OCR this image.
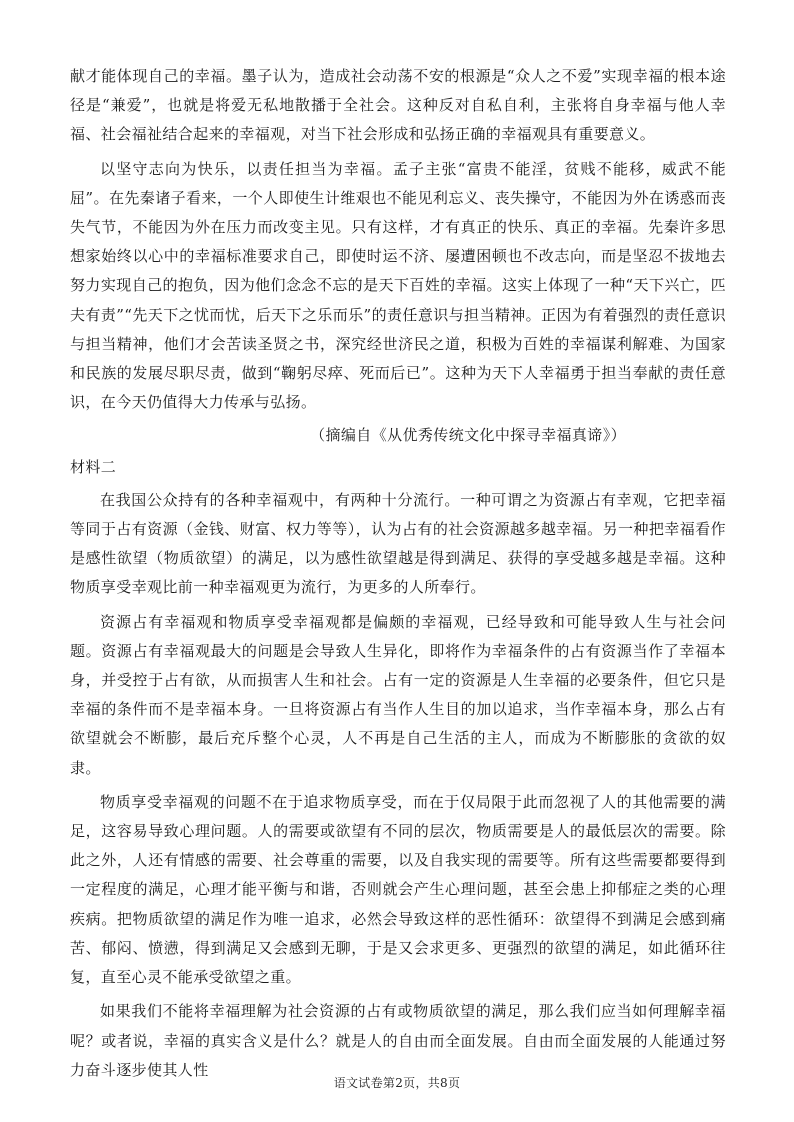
献才能体现自己的幸福。墨子认为，造成社会动荡不安的根源是“众人之不爱”实现幸福的根本途径是“兼爱”，也就是将爱无私地散播于全社会。这种反对自私自利，主张将自身幸福与他人幸福、社会福祉结合起来的幸福观，对当下社会形成和弘扬正确的幸福观具有重要意义。

以坚守志向为快乐，以责任担当为幸福。孟子主张“富贵不能淫，贫贱不能移，威武不能屈”。在先秦诸子看来，一个人即使生计维艰也不能见利忘义、丧失操守，不能因为外在诱惑而丧失气节，不能因为外在压力而改变主见。只有这样，才有真正的快乐、真正的幸福。先秦许多思想家始终以心中的幸福标准要求自己，即使时运不济、屡遭困顿也不改志向，而是坚忍不拔地去努力实现自己的抱负，因为他们念念不忘的是天下百姓的幸福。这实上体现了一种“天下兴亡，匹夫有责”“先天下之忧而忧，后天下之乐而乐”的责任意识与担当精神。正因为有着强烈的责任意识与担当精神，他们才会苦读圣贤之书，深究经世济民之道，积极为百姓的幸福谋利解难、为国家和民族的发展尽职尽责，做到“鞠躬尽瘁、死而后已”。这种为天下人幸福勇于担当奉献的责任意识，在今天仍值得大力传承与弘扬。

（摘编自《从优秀传统文化中探寻幸福真谛》）

材料二

在我国公众持有的各种幸福观中，有两种十分流行。一种可谓之为资源占有幸观，它把幸福等同于占有资源（金钱、财富、权力等等），认为占有的社会资源越多越幸福。另一种把幸福看作是感性欲望（物质欲望）的满足，以为感性欲望越是得到满足、获得的享受越多越是幸福。这种物质享受幸观比前一种幸福观更为流行，为更多的人所奉行。

资源占有幸福观和物质享受幸福观都是偏颇的幸福观，已经导致和可能导致人生与社会问题。资源占有幸福观最大的问题是会导致人生异化，即将作为幸福条件的占有资源当作了幸福本身，并受控于占有欲，从而损害人生和社会。占有一定的资源是人生幸福的必要条件，但它只是幸福的条件而不是幸福本身。一旦将资源占有当作人生目的加以追求，当作幸福本身，那么占有欲望就会不断膨，最后充斥整个心灵，人不再是自己生活的主人，而成为不断膨胀的贪欲的奴隶。

物质享受幸福观的问题不在于追求物质享受，而在于仅局限于此而忽视了人的其他需要的满足，这容易导致心理问题。人的需要或欲望有不同的层次，物质需要是人的最低层次的需要。除此之外，人还有情感的需要、社会尊重的需要，以及自我实现的需要等。所有这些需要都要得到一定程度的满足，心理才能平衡与和谐，否则就会产生心理问题，甚至会患上抑郁症之类的心理疾病。把物质欲望的满足作为唯一追求，必然会导致这样的恶性循环：欲望得不到满足会感到痛苦、郁闷、愤懑，得到满足又会感到无聊，于是又会求更多、更强烈的欲望的满足，如此循环往复，直至心灵不能承受欲望之重。

如果我们不能将幸福理解为社会资源的占有或物质欲望的满足，那么我们应当如何理解幸福呢？或者说，幸福的真实含义是什么？就是人的自由而全面发展。自由而全面发展的人能通过努力奋斗逐步使其人性

语文试卷第2页，共8页
